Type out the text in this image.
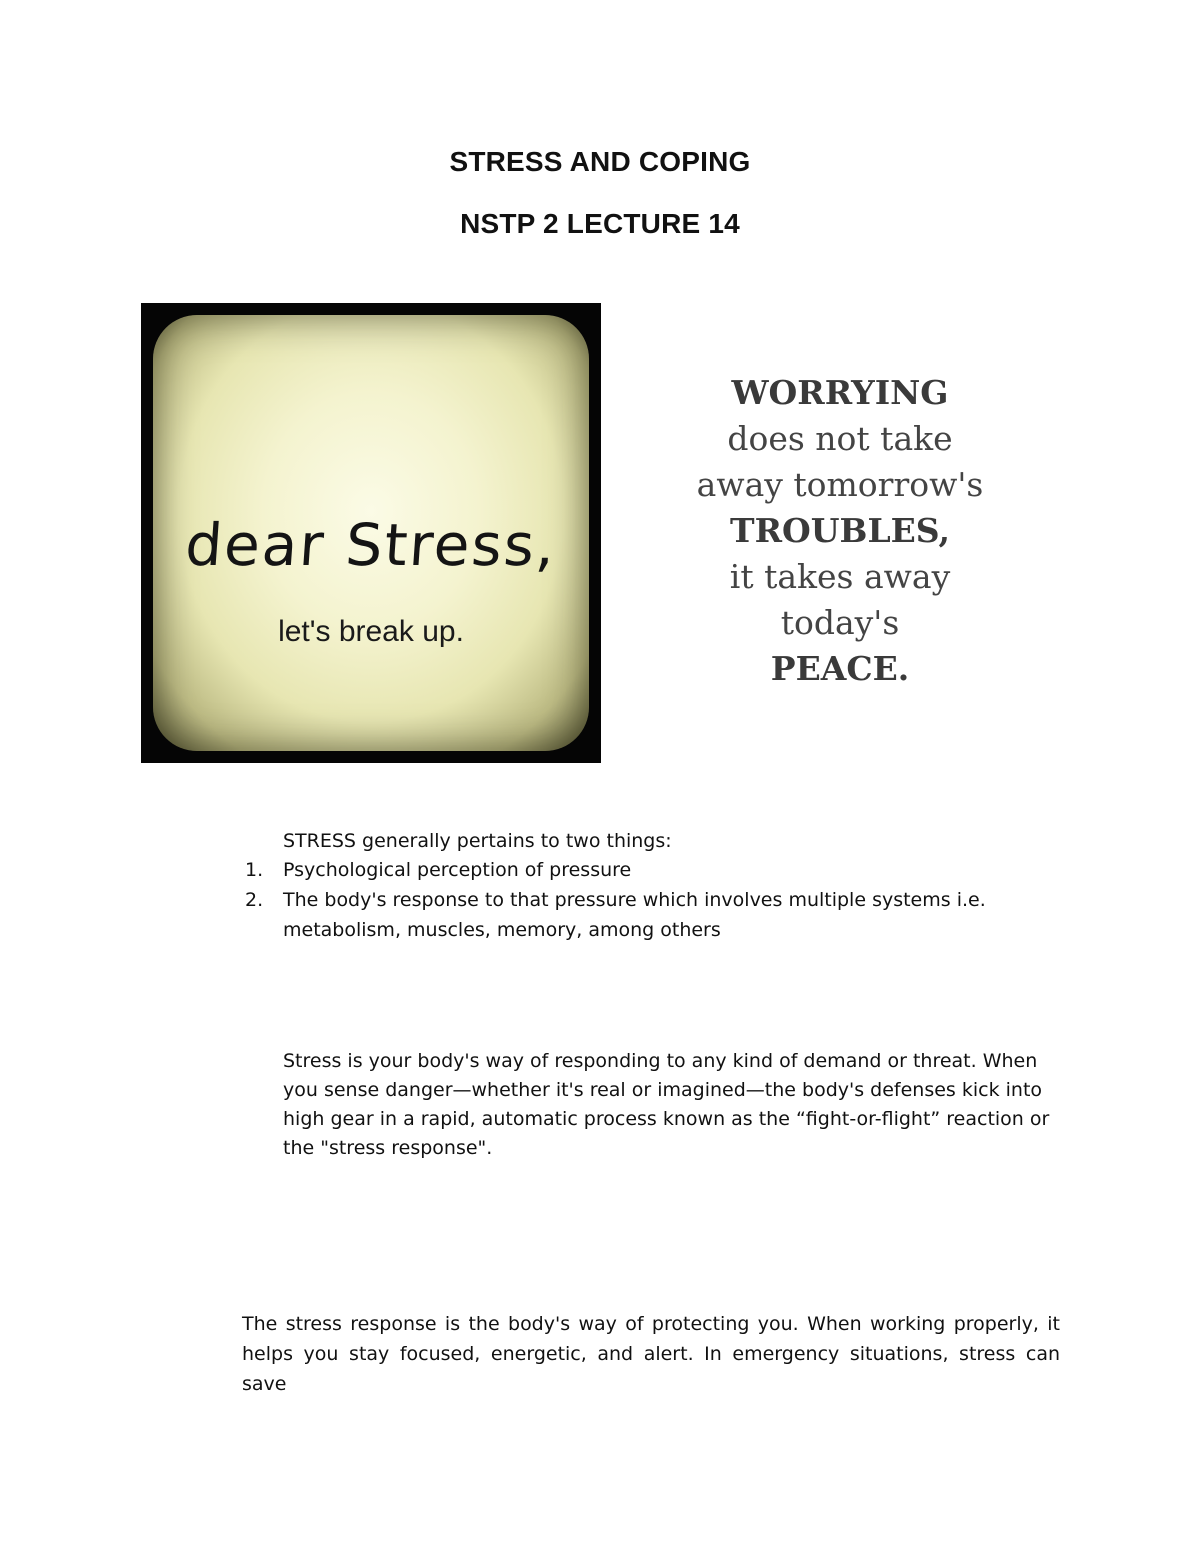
STRESS AND COPING
NSTP 2 LECTURE 14
dear Stress,
let's break up.
WORRYING
does not take
away tomorrow's
TROUBLES,
it takes away
today's
PEACE.

STRESS generally pertains to two things:

1. Psychological perception of pressure
2. The body's response to that pressure which involves multiple systems i.e. metabolism, muscles, memory, among others

Stress is your body's way of responding to any kind of demand or threat. When you sense danger—whether it's real or imagined—the body's defenses kick into high gear in a rapid, automatic process known as the “fight-or-flight” reaction or the "stress response".

The stress response is the body's way of protecting you. When working properly, it helps you stay focused, energetic, and alert. In emergency situations, stress can save
